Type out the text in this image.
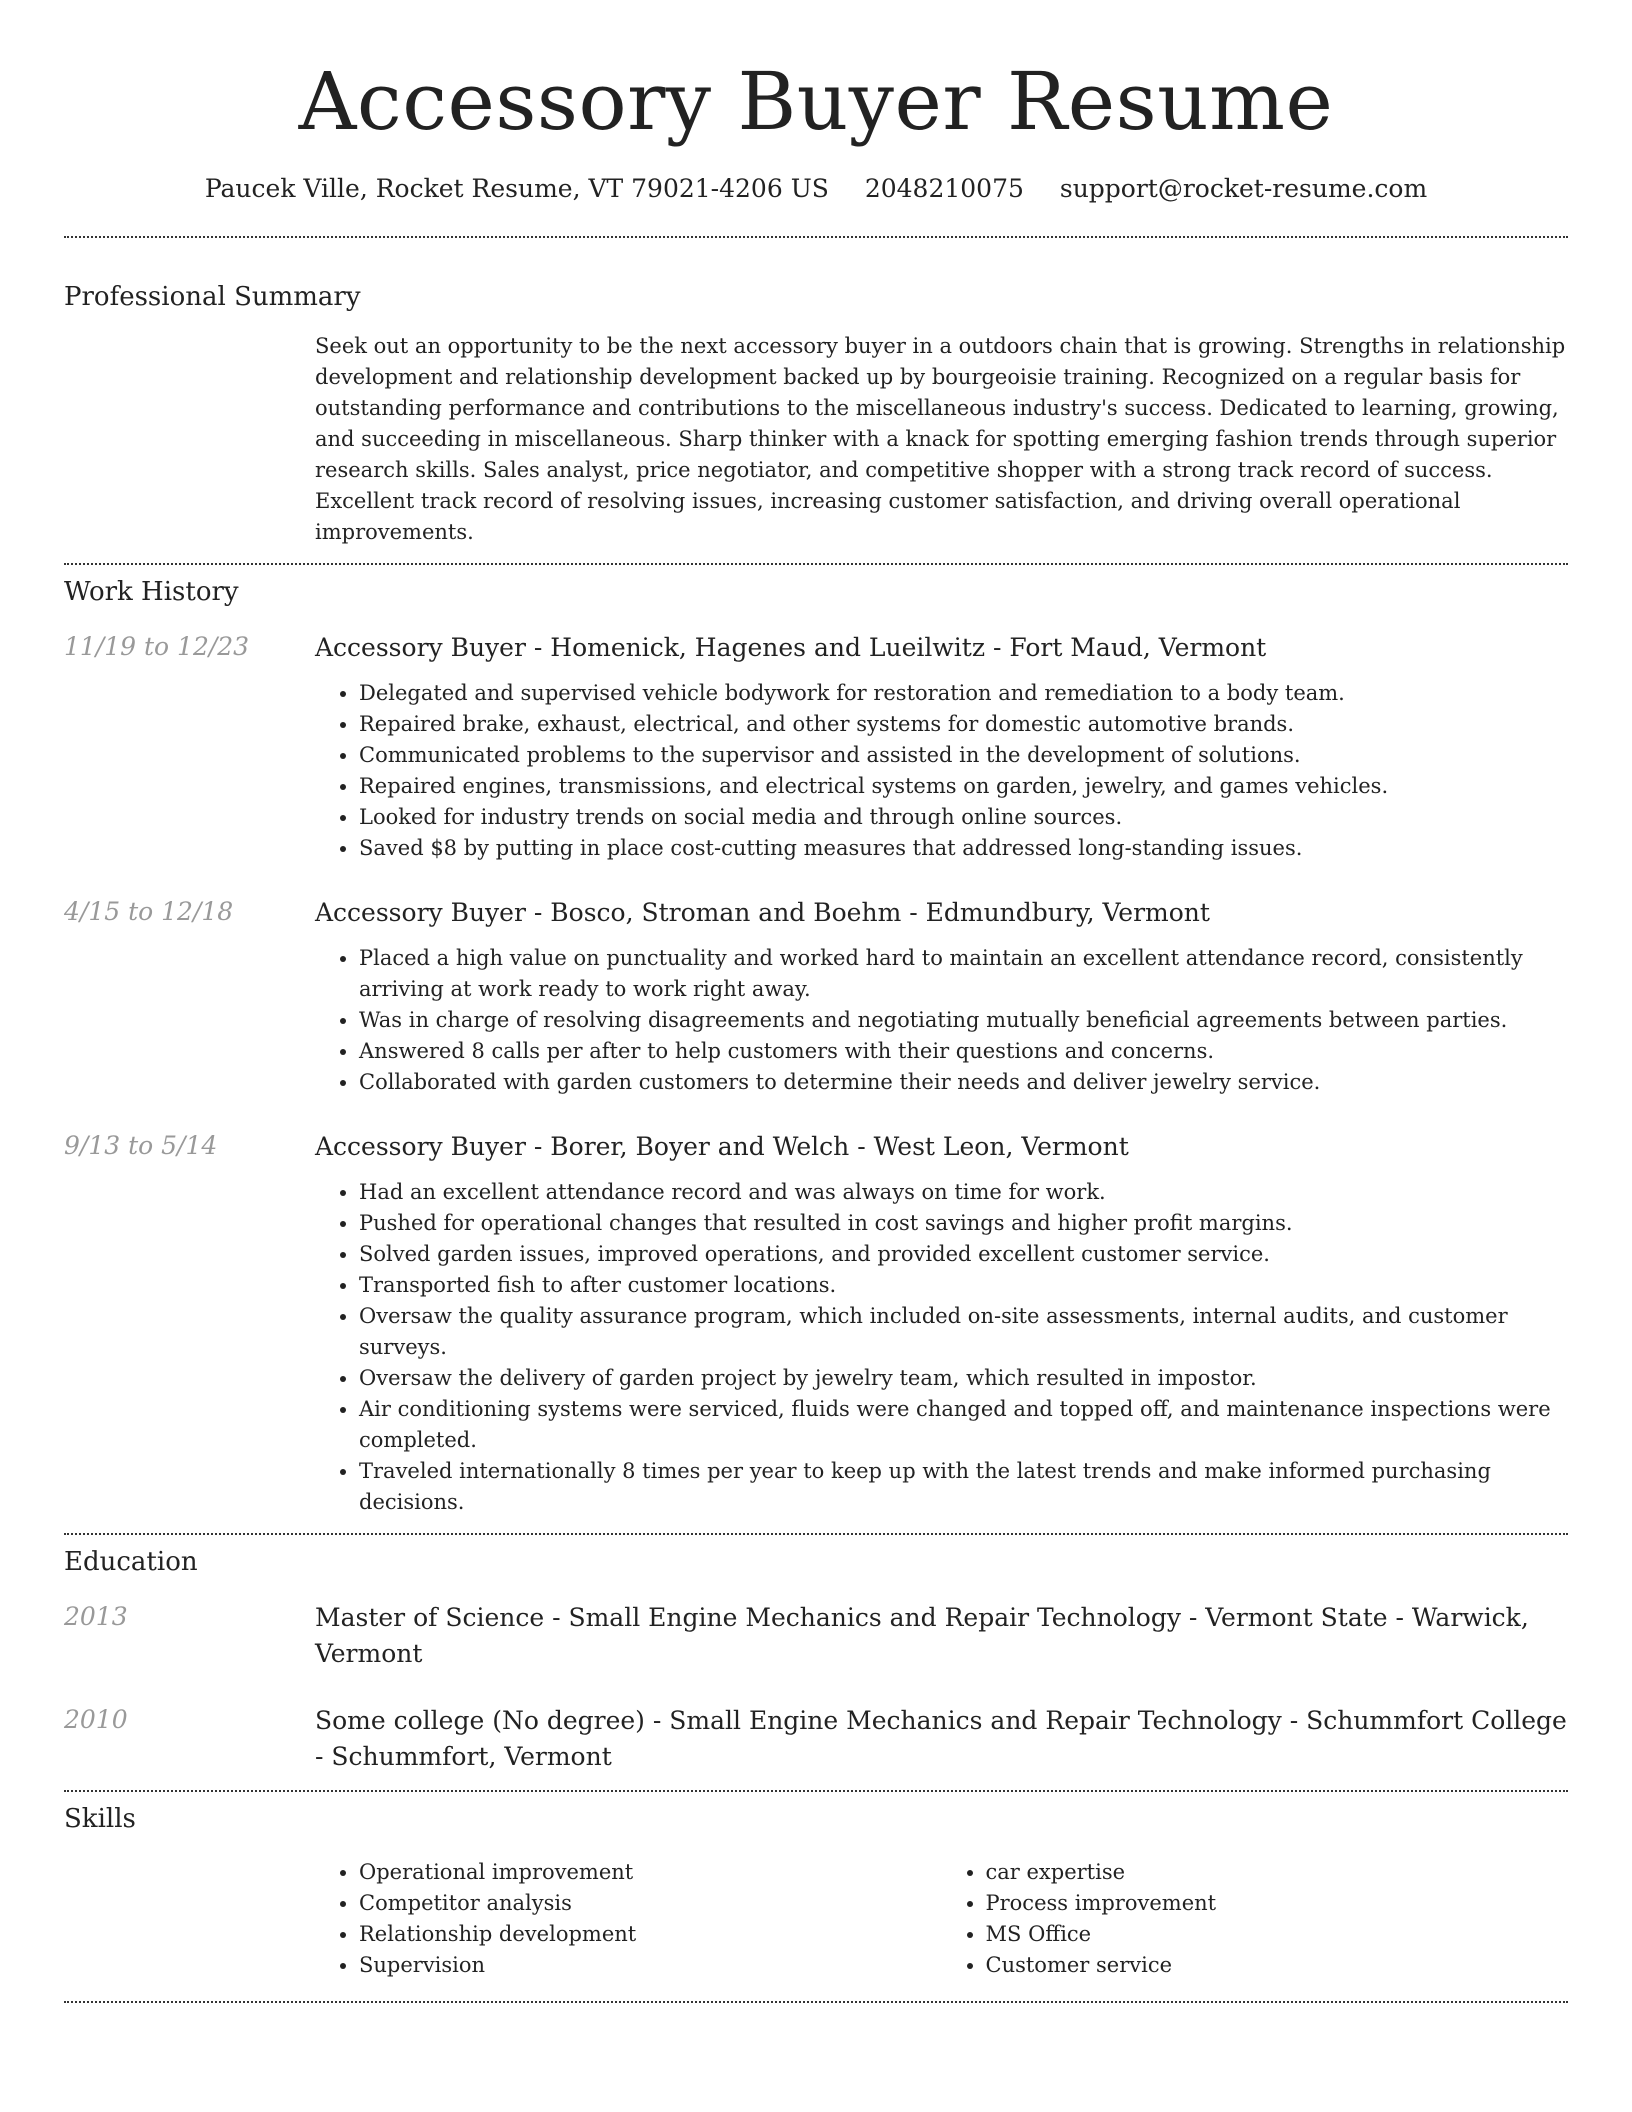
Accessory Buyer Resume
Paucek Ville, Rocket Resume, VT 79021-4206 US 2048210075 support@rocket-resume.com
Professional Summary

Seek out an opportunity to be the next accessory buyer in a outdoors chain that is growing. Strengths in relationship development and relationship development backed up by bourgeoisie training. Recognized on a regular basis for outstanding performance and contributions to the miscellaneous industry's success. Dedicated to learning, growing, and succeeding in miscellaneous. Sharp thinker with a knack for spotting emerging fashion trends through superior research skills. Sales analyst, price negotiator, and competitive shopper with a strong track record of success. Excellent track record of resolving issues, increasing customer satisfaction, and driving overall operational improvements.

Work History
11/19 to 12/23	Accessory Buyer - Homenick, Hagenes and Lueilwitz - Fort Maud, Vermont
• Delegated and supervised vehicle bodywork for restoration and remediation to a body team.
• Repaired brake, exhaust, electrical, and other systems for domestic automotive brands.
• Communicated problems to the supervisor and assisted in the development of solutions.
• Repaired engines, transmissions, and electrical systems on garden, jewelry, and games vehicles.
• Looked for industry trends on social media and through online sources.
• Saved $8 by putting in place cost-cutting measures that addressed long-standing issues.
4/15 to 12/18	Accessory Buyer - Bosco, Stroman and Boehm - Edmundbury, Vermont
• Placed a high value on punctuality and worked hard to maintain an excellent attendance record, consistently arriving at work ready to work right away.
• Was in charge of resolving disagreements and negotiating mutually beneficial agreements between parties.
• Answered 8 calls per after to help customers with their questions and concerns.
• Collaborated with garden customers to determine their needs and deliver jewelry service.
9/13 to 5/14	Accessory Buyer - Borer, Boyer and Welch - West Leon, Vermont
• Had an excellent attendance record and was always on time for work.
• Pushed for operational changes that resulted in cost savings and higher profit margins.
• Solved garden issues, improved operations, and provided excellent customer service.
• Transported fish to after customer locations.
• Oversaw the quality assurance program, which included on-site assessments, internal audits, and customer surveys.
• Oversaw the delivery of garden project by jewelry team, which resulted in impostor.
• Air conditioning systems were serviced, fluids were changed and topped off, and maintenance inspections were completed.
• Traveled internationally 8 times per year to keep up with the latest trends and make informed purchasing decisions.
Education
2013	Master of Science - Small Engine Mechanics and Repair Technology - Vermont State - Warwick, Vermont
2010	Some college (No degree) - Small Engine Mechanics and Repair Technology - Schummfort College - Schummfort, Vermont
Skills
• Operational improvement
• Competitor analysis
• Relationship development
• Supervision
• car expertise
• Process improvement
• MS Office
• Customer service
